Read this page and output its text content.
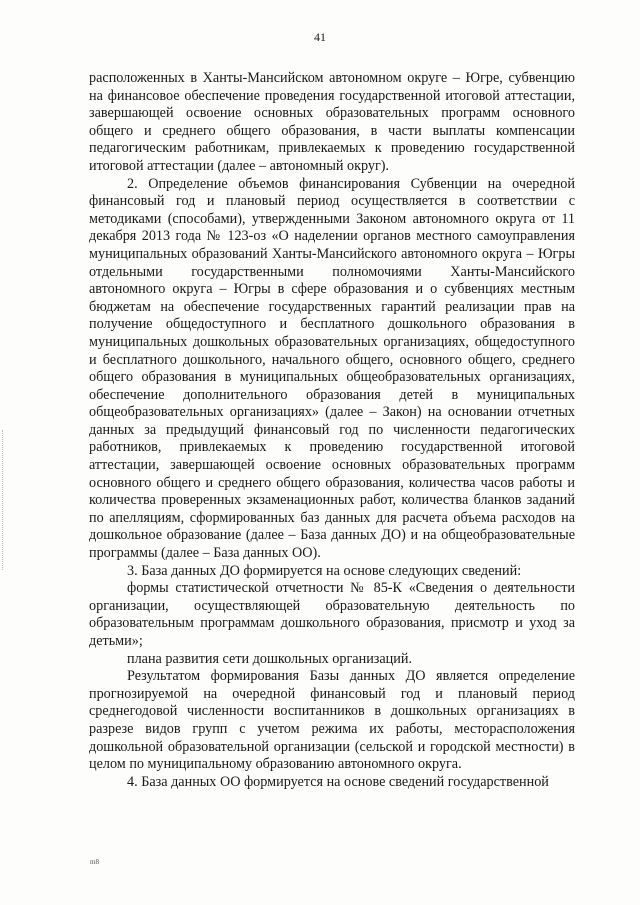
41

расположенных в Ханты-Мансийском автономном округе – Югре, субвенцию на финансовое обеспечение проведения государственной итоговой аттестации, завершающей освоение основных образовательных программ основного общего и среднего общего образования, в части выплаты компенсации педагогическим работникам, привлекаемых к проведению государственной итоговой аттестации (далее – автономный округ).

2. Определение объемов финансирования Субвенции на очередной финансовый год и плановый период осуществляется в соответствии с методиками (способами), утвержденными Законом автономного округа от 11 декабря 2013 года № 123-оз «О наделении органов местного самоуправления муниципальных образований Ханты-Мансийского автономного округа – Югры отдельными государственными полномочиями Ханты-Мансийского автономного округа – Югры в сфере образования и о субвенциях местным бюджетам на обеспечение государственных гарантий реализации прав на получение общедоступного и бесплатного дошкольного образования в муниципальных дошкольных образовательных организациях, общедоступного и бесплатного дошкольного, начального общего, основного общего, среднего общего образования в муниципальных общеобразовательных организациях, обеспечение дополнительного образования детей в муниципальных общеобразовательных организациях» (далее – Закон) на основании отчетных данных за предыдущий финансовый год по численности педагогических работников, привлекаемых к проведению государственной итоговой аттестации, завершающей освоение основных образовательных программ основного общего и среднего общего образования, количества часов работы и количества проверенных экзаменационных работ, количества бланков заданий по апелляциям, сформированных баз данных для расчета объема расходов на дошкольное образование (далее – База данных ДО) и на общеобразовательные программы (далее – База данных ОО).

3. База данных ДО формируется на основе следующих сведений:

формы статистической отчетности № 85-К «Сведения о деятельности организации, осуществляющей образовательную деятельность по образовательным программам дошкольного образования, присмотр и уход за детьми»;

плана развития сети дошкольных организаций.

Результатом формирования Базы данных ДО является определение прогнозируемой на очередной финансовый год и плановый период среднегодовой численности воспитанников в дошкольных организациях в разрезе видов групп с учетом режима их работы, месторасположения дошкольной образовательной организации (сельской и городской местности) в целом по муниципальному образованию автономного округа.

4. База данных ОО формируется на основе сведений государственной

m8
